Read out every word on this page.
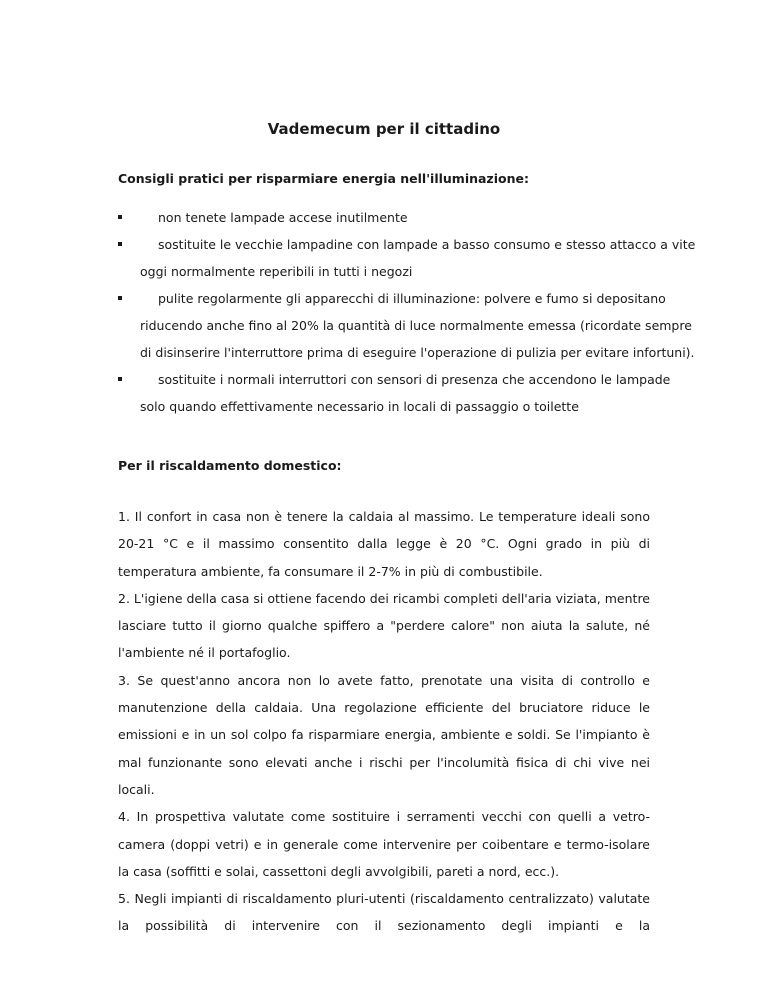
Vademecum per il cittadino
Consigli pratici per risparmiare energia nell'illuminazione:
non tenete lampade accese inutilmente
sostituite le vecchie lampadine con lampade a basso consumo e stesso attacco a vite oggi normalmente reperibili in tutti i negozi
pulite regolarmente gli apparecchi di illuminazione: polvere e fumo si depositano riducendo anche fino al 20% la quantità di luce normalmente emessa (ricordate sempre di disinserire l'interruttore prima di eseguire l'operazione di pulizia per evitare infortuni).
sostituite i normali interruttori con sensori di presenza che accendono le lampade solo quando effettivamente necessario in locali di passaggio o toilette
Per il riscaldamento domestico:

1. Il confort in casa non è tenere la caldaia al massimo. Le temperature ideali sono 20-21 °C e il massimo consentito dalla legge è 20 °C. Ogni grado in più di temperatura ambiente, fa consumare il 2-7% in più di combustibile.

2. L'igiene della casa si ottiene facendo dei ricambi completi dell'aria viziata, mentre lasciare tutto il giorno qualche spiffero a "perdere calore" non aiuta la salute, né l'ambiente né il portafoglio.

3. Se quest'anno ancora non lo avete fatto, prenotate una visita di controllo e manutenzione della caldaia. Una regolazione efficiente del bruciatore riduce le emissioni e in un sol colpo fa risparmiare energia, ambiente e soldi. Se l'impianto è mal funzionante sono elevati anche i rischi per l'incolumità fisica di chi vive nei locali.

4. In prospettiva valutate come sostituire i serramenti vecchi con quelli a vetro-camera (doppi vetri) e in generale come intervenire per coibentare e termo-isolare la casa (soffitti e solai, cassettoni degli avvolgibili, pareti a nord, ecc.).

5. Negli impianti di riscaldamento pluri-utenti (riscaldamento centralizzato) valutate la possibilità di intervenire con il sezionamento degli impianti e la
